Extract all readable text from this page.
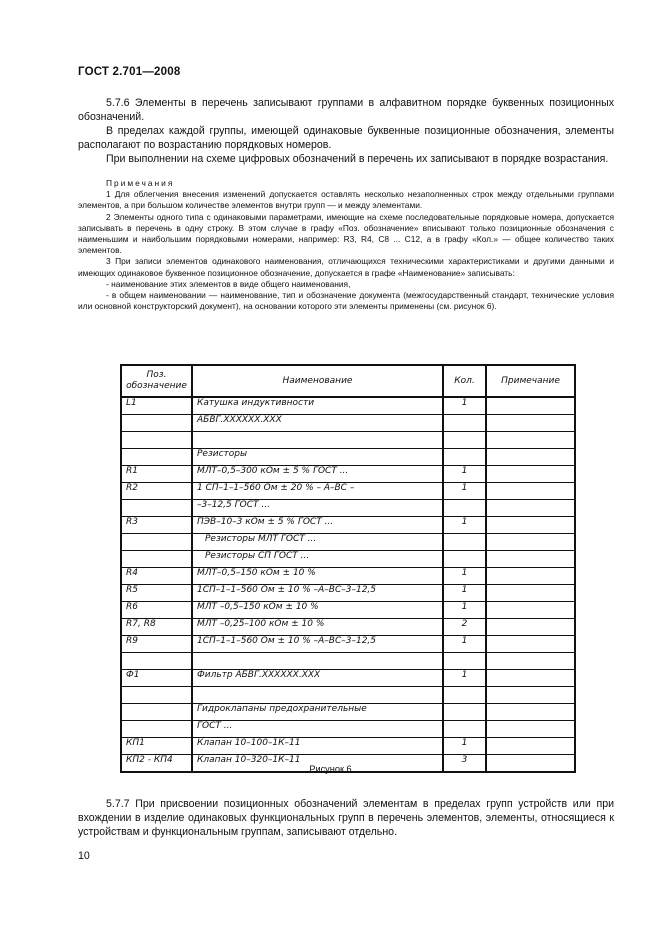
ГОСТ 2.701—2008

5.7.6 Элементы в перечень записывают группами в алфавитном порядке буквенных позиционных обозначений.

В пределах каждой группы, имеющей одинаковые буквенные позиционные обозначения, элементы располагают по возрастанию порядковых номеров.

При выполнении на схеме цифровых обозначений в перечень их записывают в порядке возрастания.

Примечания

1 Для облегчения внесения изменений допускается оставлять несколько незаполненных строк между отдельными группами элементов, а при большом количестве элементов внутри групп — и между элементами.

2 Элементы одного типа с одинаковыми параметрами, имеющие на схеме последовательные порядковые номера, допускается записывать в перечень в одну строку. В этом случае в графу «Поз. обозначение» вписывают только позиционные обозначения с наименьшим и наибольшим порядковыми номерами, например: R3, R4, C8 ... C12, а в графу «Кол.» — общее количество таких элементов.

3 При записи элементов одинакового наименования, отличающихся техническими характеристиками и другими данными и имеющих одинаковое буквенное позиционное обозначение, допускается в графе «Наименование» записывать:

- наименование этих элементов в виде общего наименования,

- в общем наименовании — наименование, тип и обозначение документа (межгосударственный стандарт, технические условия или основной конструкторский документ), на основании которого эти элементы применены (см. рисунок 6).

Поз.
обозначение	Наименование	Кол.	Примечание
L1	Катушка индуктивности	1	
	АБВГ.XXXXXX.XXX		

	Резисторы		
R1	МЛТ–0,5–300 кОм ± 5 % ГОСТ ...	1	
R2	1 СП–1–1–560 Ом ± 20 % – А–ВС –	1	
	–3–12,5 ГОСТ ...		
R3	ПЭВ–10–3 кОм ± 5 % ГОСТ ...	1	
	Резисторы МЛТ ГОСТ ...		
	Резисторы СП ГОСТ ...		
R4	МЛТ–0,5–150 кОм ± 10 %	1	
R5	1СП–1–1–560 Ом ± 10 % –А–ВС–3–12,5	1	
R6	МЛТ –0,5–150 кОм ± 10 %	1	
R7, R8	МЛТ –0,25–100 кОм ± 10 %	2	
R9	1СП–1–1–560 Ом ± 10 % –А–ВС–3–12,5	1	

Ф1	Фильтр АБВГ.XXXXXX.XXX	1	

	Гидроклапаны предохранительные		
	ГОСТ ...		
КП1	Клапан 10–100–1К–11	1	
КП2 - КП4	Клапан 10–320–1К–11	3	
Рисунок 6

5.7.7 При присвоении позиционных обозначений элементам в пределах групп устройств или при вхождении в изделие одинаковых функциональных групп в перечень элементов, элементы, относящиеся к устройствам и функциональным группам, записывают отдельно.

10
